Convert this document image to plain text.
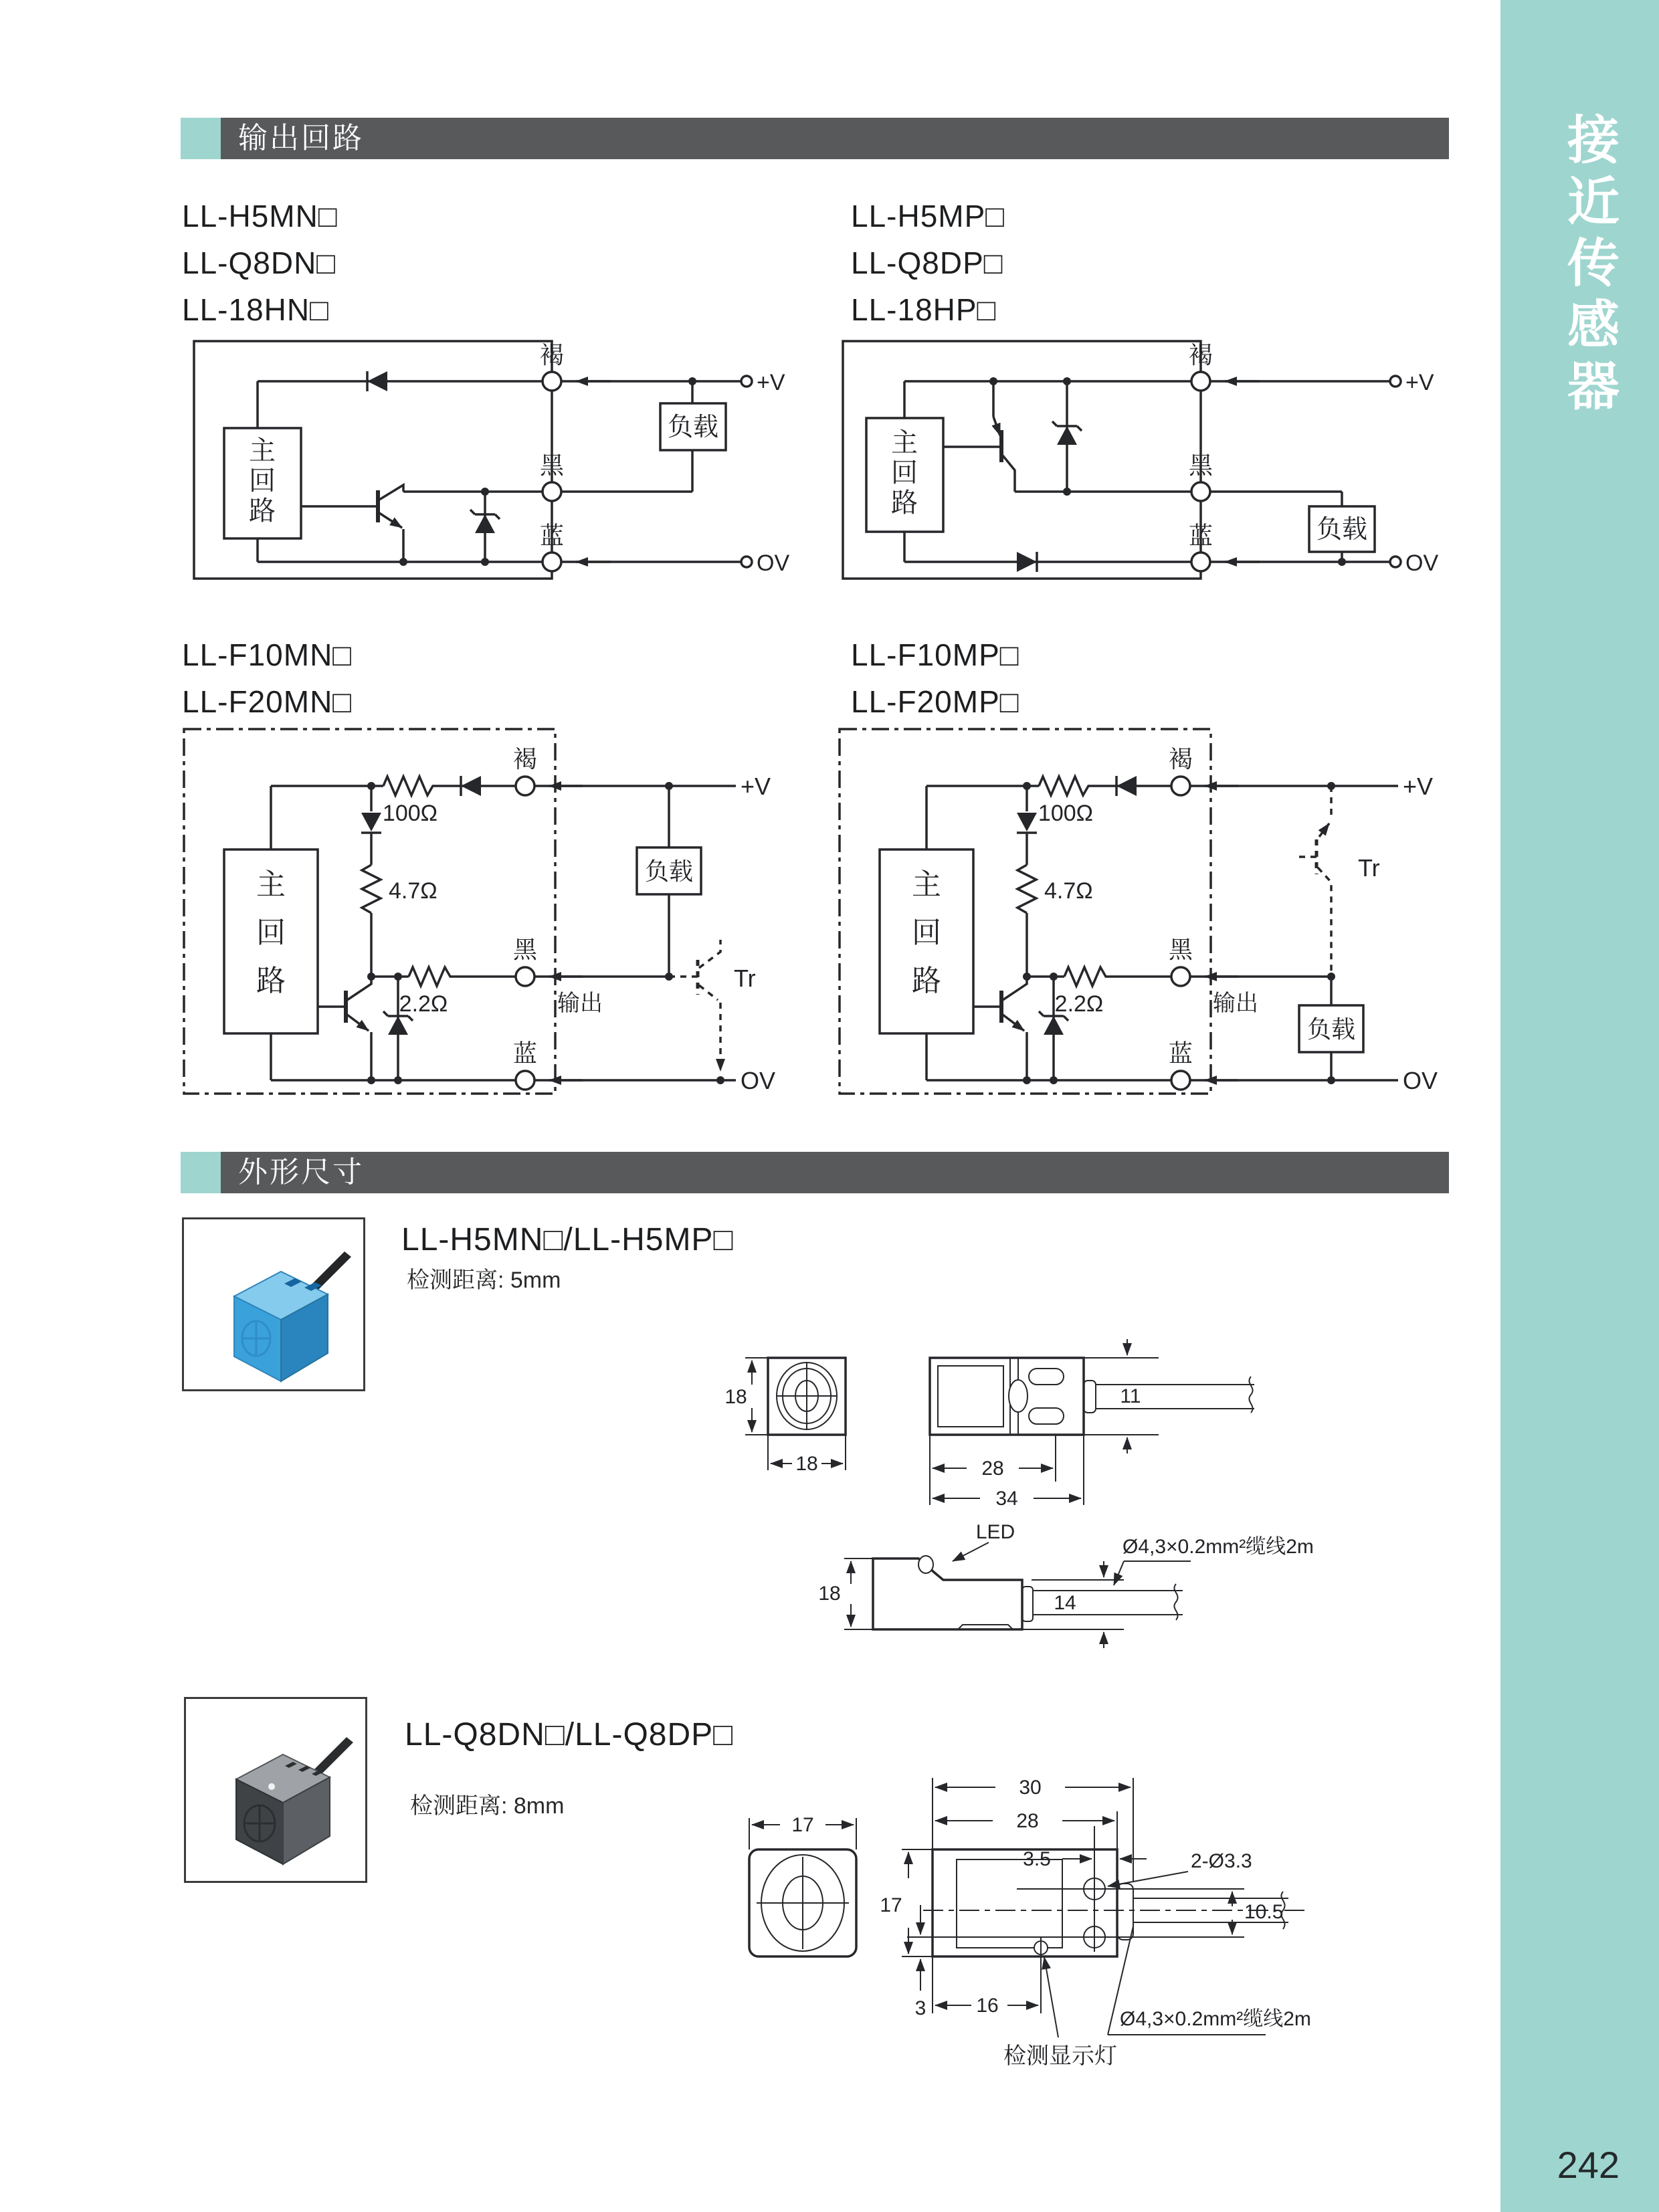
输出回路
LL-H5MN□
LL-Q8DN□
LL-18HN□
LL-H5MP□
LL-Q8DP□
LL-18HP□
主
回
路
褐
黑
蓝
+V
负载
OV
主
回
路
褐
黑
蓝
+V
负载
OV
LL-F10MN□
LL-F20MN□
LL-F10MP□
LL-F20MP□
主
回
路
100Ω
4.7Ω
2.2Ω
褐
黑
蓝
+V
负载
输出
Tr
OV
主
回
路
100Ω
4.7Ω
2.2Ω
褐
黑
蓝
+V
Tr
输出
负载
OV
外形尺寸
LL-H5MN□/LL-H5MP□
检测距离: 5mm
18
18
11
28
34
LED
18	14
Ø4,3×0.2mm²缆线2m
LL-Q8DN□/LL-Q8DP□
检测距离: 8mm
17
17
30
28
3.5	2-Ø3.3
10.5
3 16
检测显示灯
Ø4,3×0.2mm²缆线2m
接近传感器
242
